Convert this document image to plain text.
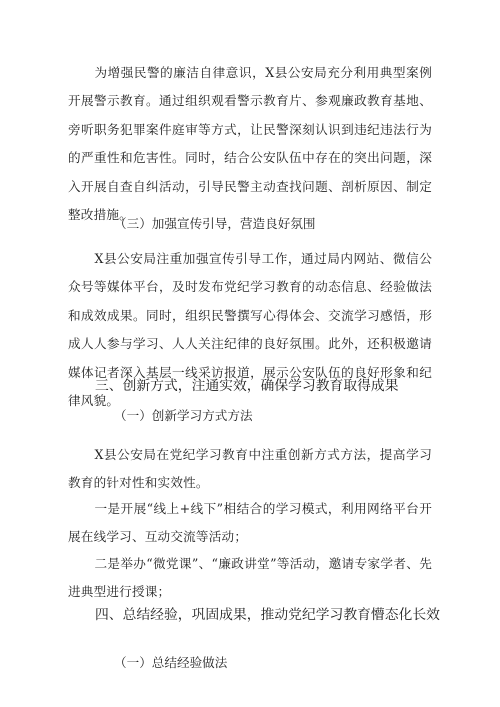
为增强民警的廉洁自律意识，X县公安局充分利用典型案例开展警示教育。通过组织观看警示教育片、参观廉政教育基地、旁听职务犯罪案件庭审等方式，让民警深刻认识到违纪违法行为的严重性和危害性。同时，结合公安队伍中存在的突出问题，深入开展自查自纠活动，引导民警主动查找问题、剖析原因、制定整改措施。

（三）加强宣传引导，营造良好氛围

X县公安局注重加强宣传引导工作，通过局内网站、微信公众号等媒体平台，及时发布党纪学习教育的动态信息、经验做法和成效成果。同时，组织民警撰写心得体会、交流学习感悟，形成人人参与学习、人人关注纪律的良好氛围。此外，还积极邀请媒体记者深入基层一线采访报道，展示公安队伍的良好形象和纪律风貌。

三、创新方式，注通实效，确保学习教育取得成果

（一）创新学习方式方法

X县公安局在党纪学习教育中注重创新方式方法，提高学习教育的针对性和实效性。

一是开展“线上+线下”相结合的学习模式，利用网络平台开展在线学习、互动交流等活动；

二是举办“微党课”、“廉政讲堂”等活动，邀请专家学者、先进典型进行授课；

四、总结经验，巩固成果，推动党纪学习教育懵态化长效

（一）总结经验做法
